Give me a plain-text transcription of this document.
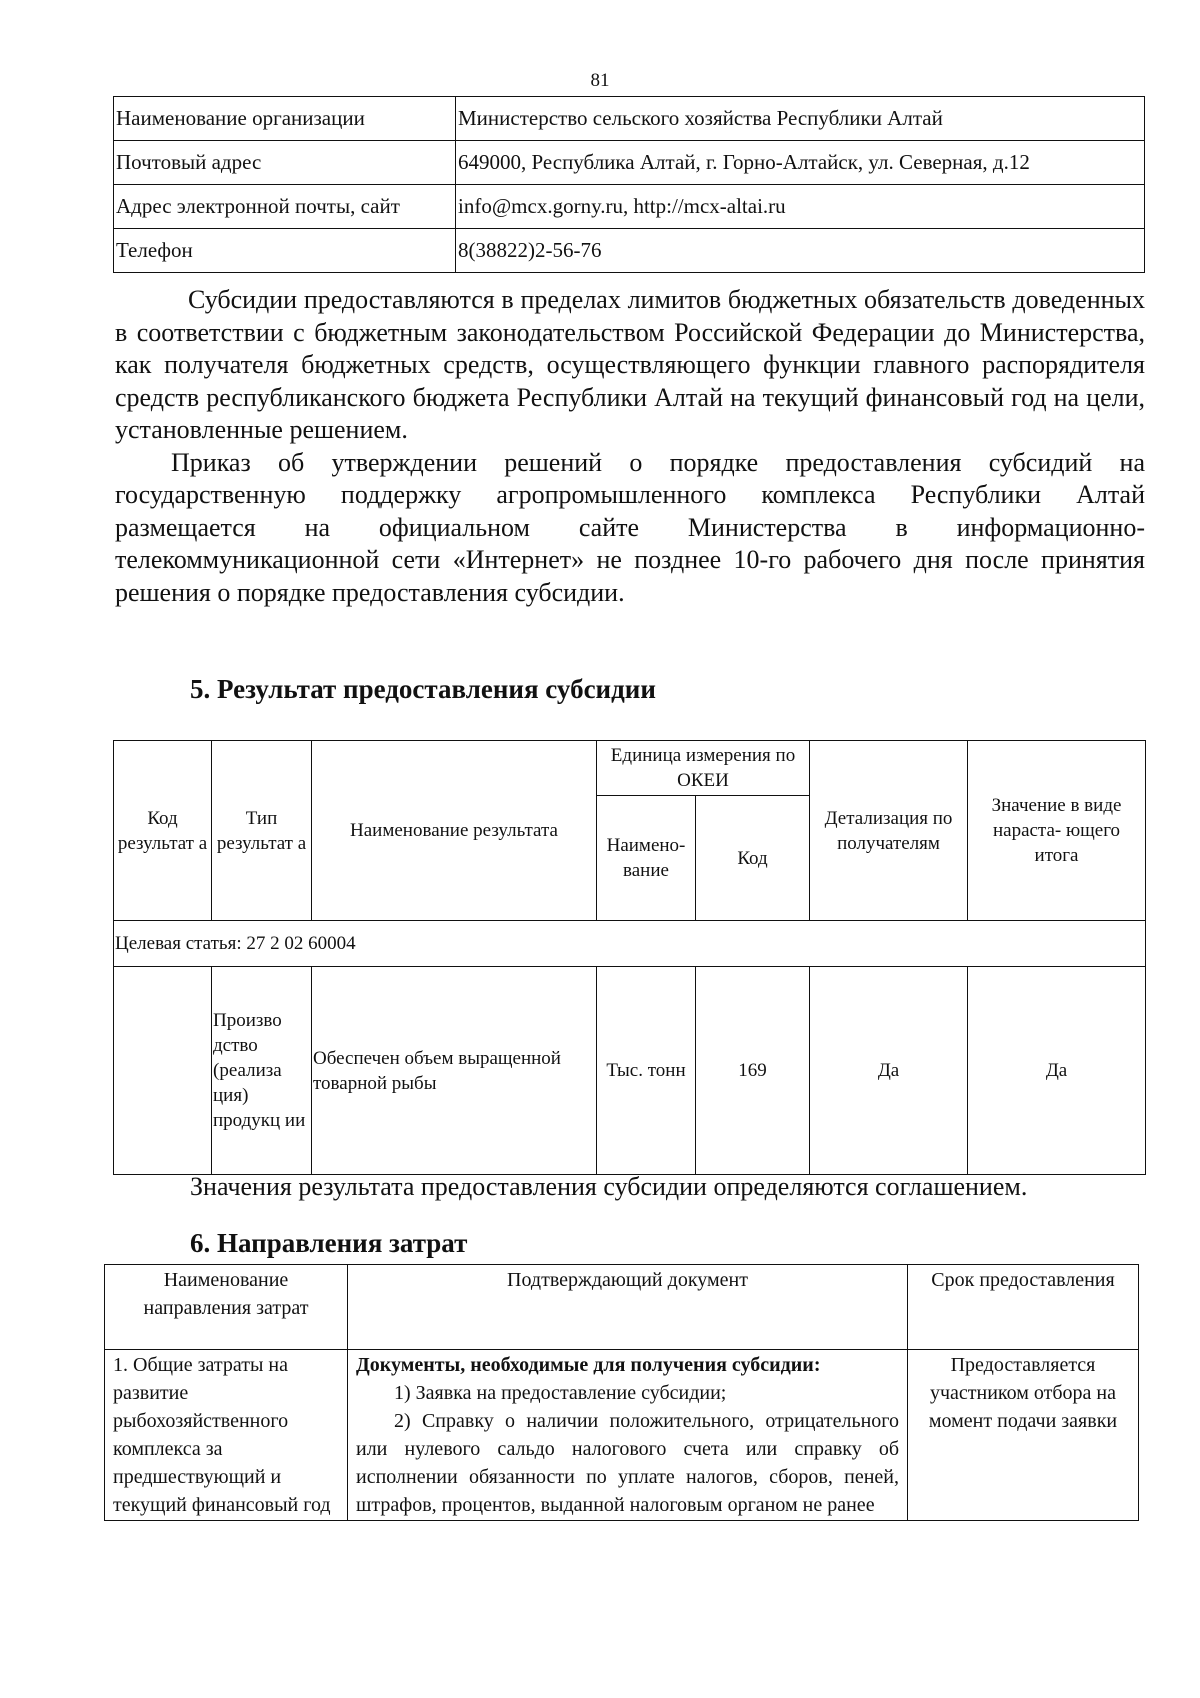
81
Наименование организации	Министерство сельского хозяйства Республики Алтай
Почтовый адрес	649000, Республика Алтай, г. Горно-Алтайск, ул. Северная, д.12
Адрес электронной почты, сайт	info@mcx.gorny.ru, http://mcx-altai.ru
Телефон	8(38822)2-56-76

Субсидии предоставляются в пределах лимитов бюджетных обязательств доведенных в соответствии с бюджетным законодательством Российской Федерации до Министерства, как получателя бюджетных средств, осуществляющего функции главного распорядителя средств республиканского бюджета Республики Алтай на текущий финансовый год на цели, установленные решением.

Приказ об утверждении решений о порядке предоставления субсидий на государственную поддержку агропромышленного комплекса Республики Алтай размещается на официальном сайте Министерства в информационно-телекоммуникационной сети «Интернет» не позднее 10-го рабочего дня после принятия решения о порядке предоставления субсидии.

5. Результат предоставления субсидии
Код результат а	Тип результат а	Наименование результата	Единица измерения по ОКЕИ		Детализация по получателям	Значение в виде нараста- ющего итога
			Наимено- вание	Код		
Целевая статья: 27 2 02 60004						
	Произво дство (реализа ция) продукц ии	Обеспечен объем выращенной товарной рыбы	Тыс. тонн	169	Да	Да

Значения результата предоставления субсидии определяются соглашением.

6. Направления затрат
Наименование направления затрат	Подтверждающий документ	Срок предоставления
1. Общие затраты на развитие рыбохозяйственного комплекса за предшествующий и текущий финансовый год	Документы, необходимые для получения субсидии:

1) Заявка на предоставление субсидии;

2) Справку о наличии положительного, отрицательного или нулевого сальдо налогового счета или справку об исполнении обязанности по уплате налогов, сборов, пеней, штрафов, процентов, выданной налоговым органом не ранее	Предоставляется участником отбора на момент подачи заявки
